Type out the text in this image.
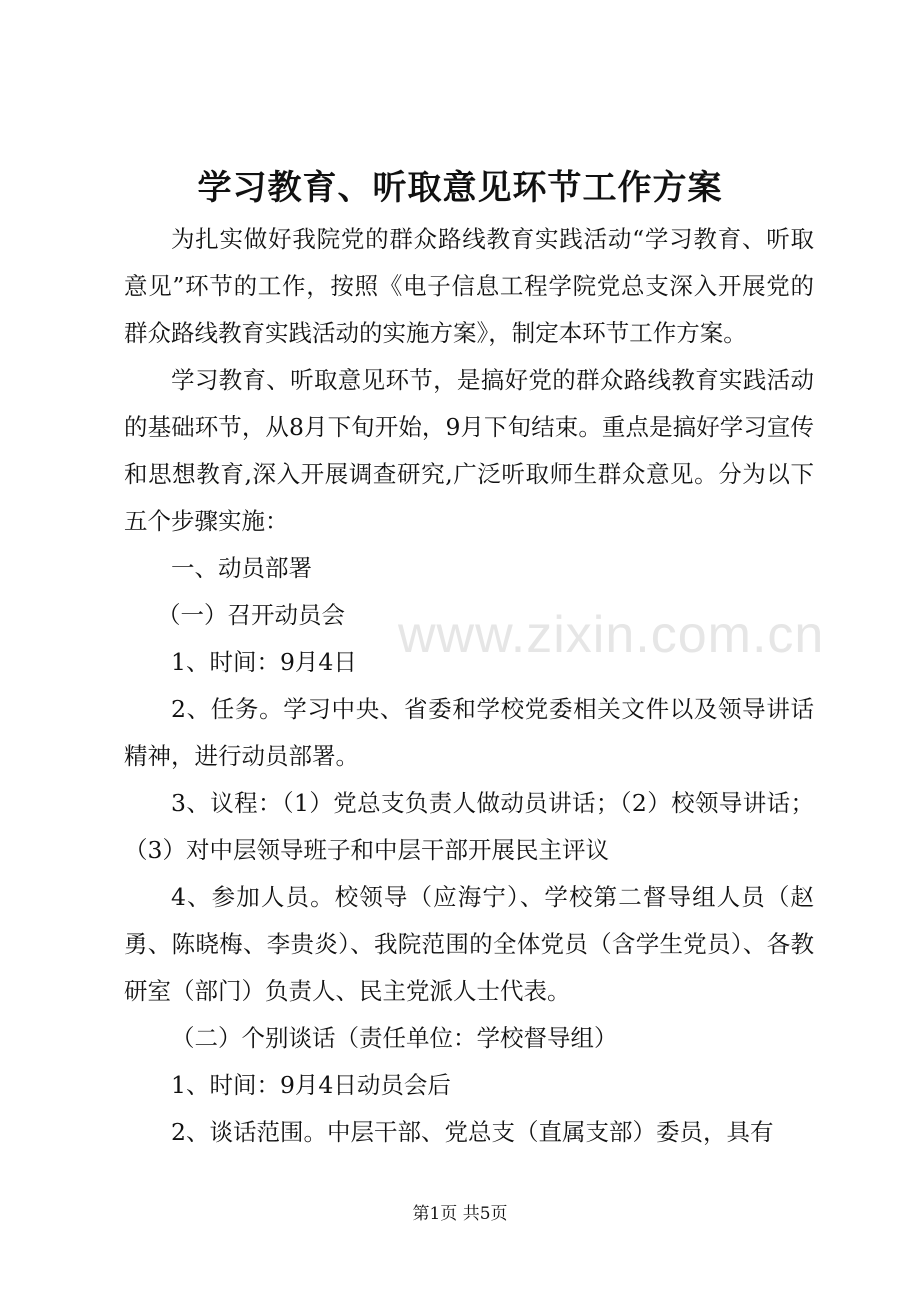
学习教育、听取意见环节工作方案

为扎实做好我院党的群众路线教育实践活动“学习教育、听取意见”环节的工作，按照《电子信息工程学院党总支深入开展党的群众路线教育实践活动的实施方案》，制定本环节工作方案。

学习教育、听取意见环节，是搞好党的群众路线教育实践活动的基础环节，从8月下旬开始，9月下旬结束。重点是搞好学习宣传和思想教育,深入开展调查研究,广泛听取师生群众意见。分为以下五个步骤实施：

一、动员部署

（一）召开动员会

1、时间：9月4日

2、任务。学习中央、省委和学校党委相关文件以及领导讲话精神，进行动员部署。

3、议程：（1）党总支负责人做动员讲话；（2）校领导讲话；（3）对中层领导班子和中层干部开展民主评议

4、参加人员。校领导（应海宁）、学校第二督导组人员（赵勇、陈晓梅、李贵炎）、我院范围的全体党员（含学生党员）、各教研室（部门）负责人、民主党派人士代表。

（二）个别谈话（责任单位：学校督导组）

1、时间：9月4日动员会后

2、谈话范围。中层干部、党总支（直属支部）委员，具有

www.zixin.com.cn
第1页 共5页
